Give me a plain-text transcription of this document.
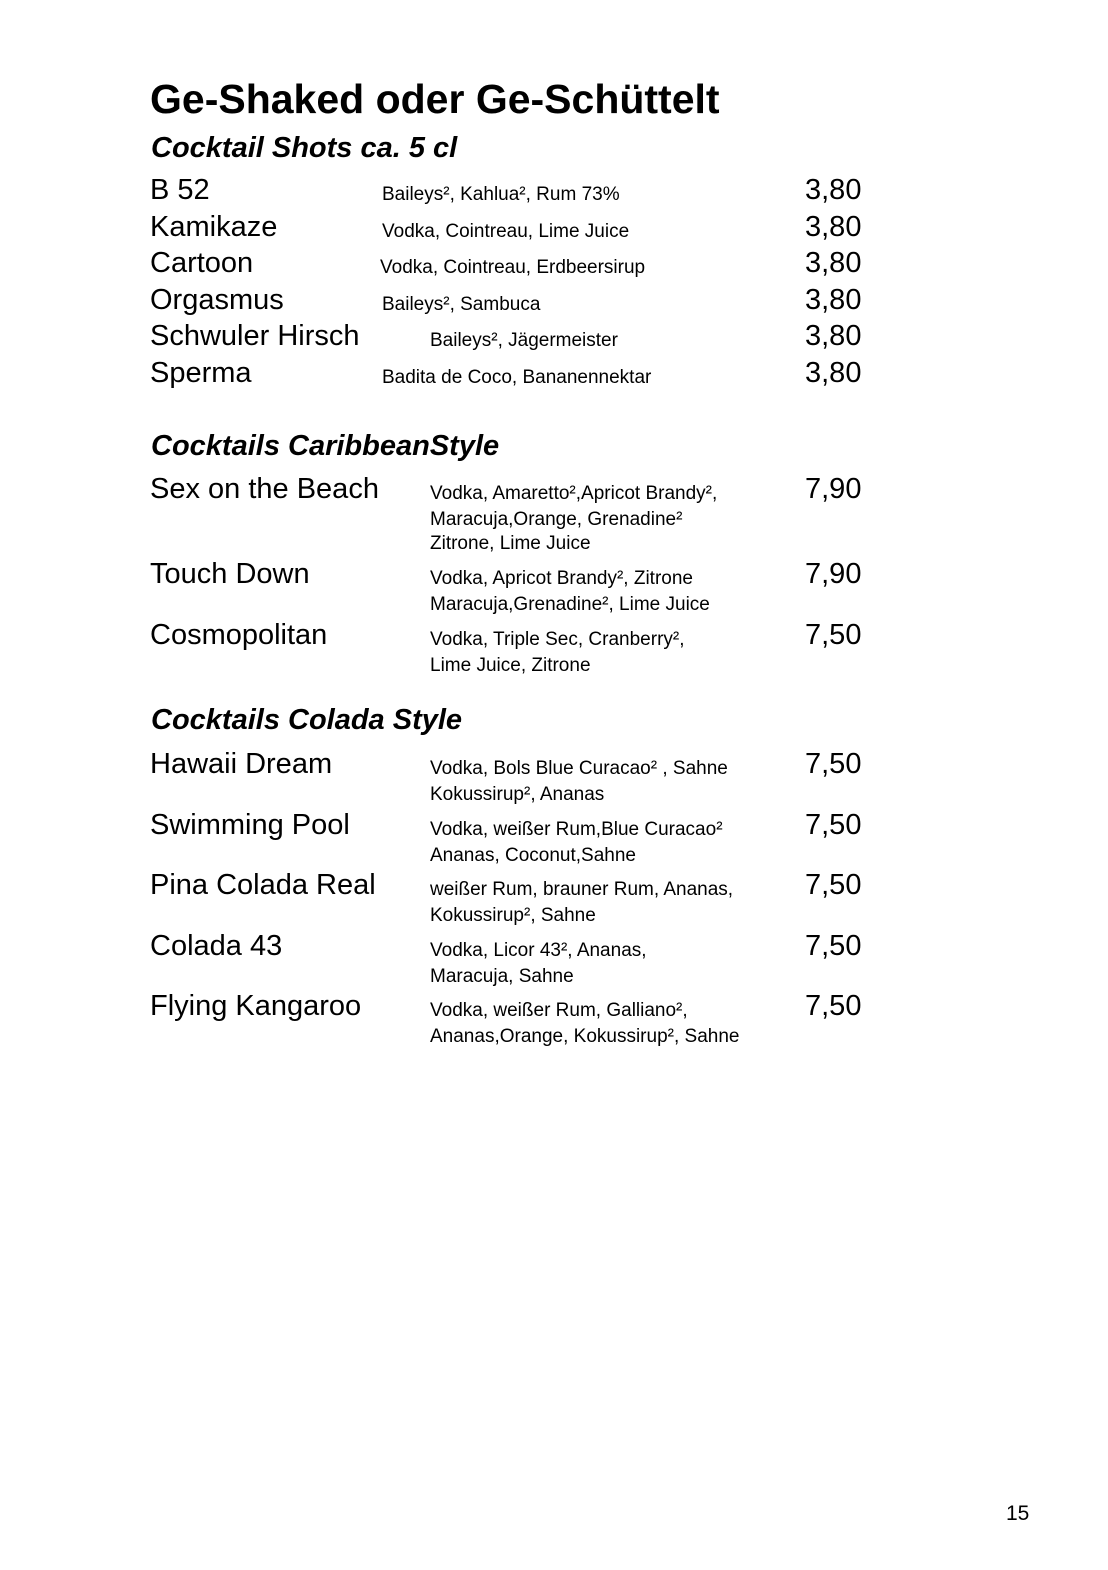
Ge-Shaked oder Ge-Schüttelt
Cocktail Shots ca. 5 cl
B 52	Baileys², Kahlua², Rum 73%	3,80
Kamikaze	Vodka, Cointreau, Lime Juice	3,80
Cartoon	Vodka, Cointreau, Erdbeersirup	3,80
Orgasmus	Baileys², Sambuca	3,80
Schwuler Hirsch	Baileys², Jägermeister	3,80
Sperma	Badita de Coco, Bananennektar	3,80
Cocktails CaribbeanStyle
Sex on the Beach	Vodka, Amaretto²,Apricot Brandy²,
Maracuja,Orange, Grenadine²
Zitrone, Lime Juice
7,90
Touch Down	Vodka, Apricot Brandy², Zitrone
Maracuja,Grenadine², Lime Juice
7,90
Cosmopolitan	Vodka, Triple Sec, Cranberry²,
Lime Juice, Zitrone
7,50
Cocktails Colada Style
Hawaii Dream	Vodka, Bols Blue Curacao² , Sahne
Kokussirup², Ananas
7,50
Swimming Pool	Vodka, weißer Rum,Blue Curacao²
Ananas, Coconut,Sahne
7,50
Pina Colada Real	weißer Rum, brauner Rum, Ananas,
Kokussirup², Sahne
7,50
Colada 43	Vodka, Licor 43², Ananas,
Maracuja, Sahne
7,50
Flying Kangaroo	Vodka, weißer Rum, Galliano²,
Ananas,Orange, Kokussirup², Sahne
7,50
15
